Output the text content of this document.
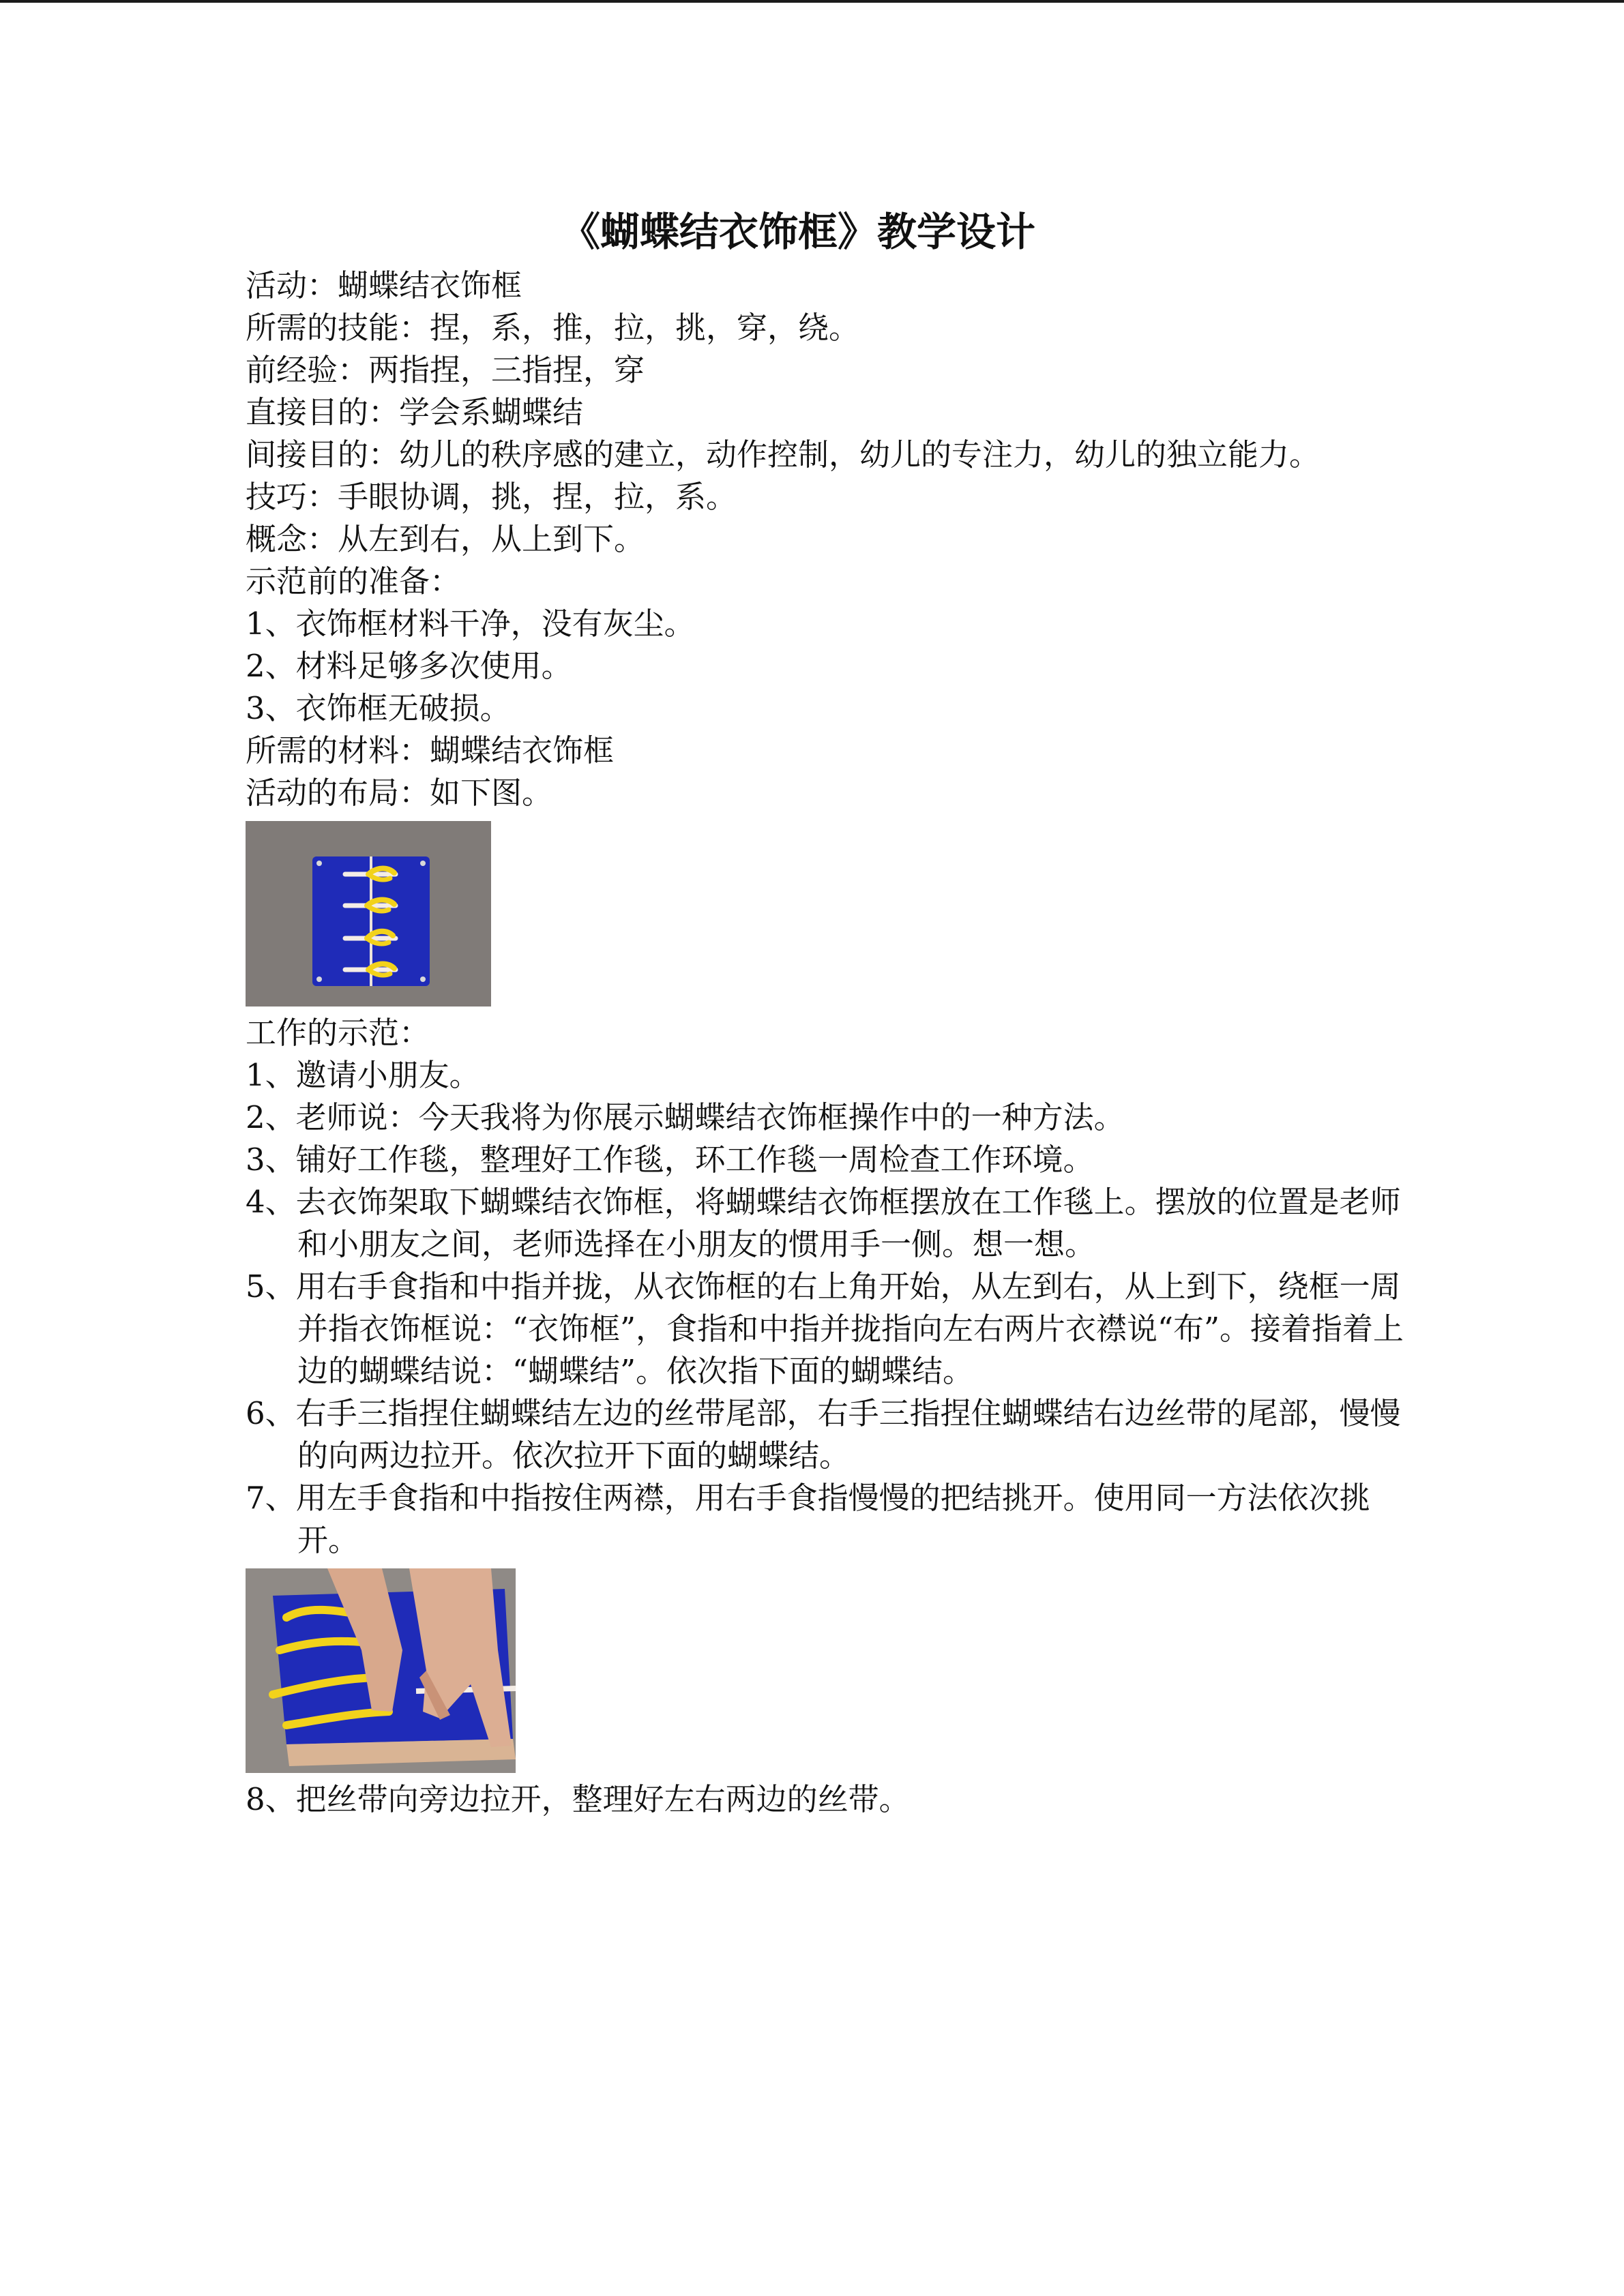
《蝴蝶结衣饰框》教学设计

活动：蝴蝶结衣饰框

所需的技能：捏，系，推，拉，挑，穿，绕。

前经验：两指捏，三指捏，穿

直接目的：学会系蝴蝶结

间接目的：幼儿的秩序感的建立，动作控制，幼儿的专注力，幼儿的独立能力。

技巧：手眼协调，挑，捏，拉，系。

概念：从左到右，从上到下。

示范前的准备：

1、衣饰框材料干净，没有灰尘。

2、材料足够多次使用。

3、衣饰框无破损。

所需的材料：蝴蝶结衣饰框

活动的布局：如下图。

工作的示范：

1、邀请小朋友。

2、老师说：今天我将为你展示蝴蝶结衣饰框操作中的一种方法。

3、铺好工作毯，整理好工作毯，环工作毯一周检查工作环境。

4、去衣饰架取下蝴蝶结衣饰框，将蝴蝶结衣饰框摆放在工作毯上。摆放的位置是老师和小朋友之间，老师选择在小朋友的惯用手一侧。想一想。

5、用右手食指和中指并拢，从衣饰框的右上角开始，从左到右，从上到下，绕框一周并指衣饰框说：“衣饰框”，食指和中指并拢指向左右两片衣襟说“布”。接着指着上边的蝴蝶结说：“蝴蝶结”。依次指下面的蝴蝶结。

6、右手三指捏住蝴蝶结左边的丝带尾部，右手三指捏住蝴蝶结右边丝带的尾部，慢慢的向两边拉开。依次拉开下面的蝴蝶结。

7、用左手食指和中指按住两襟，用右手食指慢慢的把结挑开。使用同一方法依次挑开。

8、把丝带向旁边拉开，整理好左右两边的丝带。
